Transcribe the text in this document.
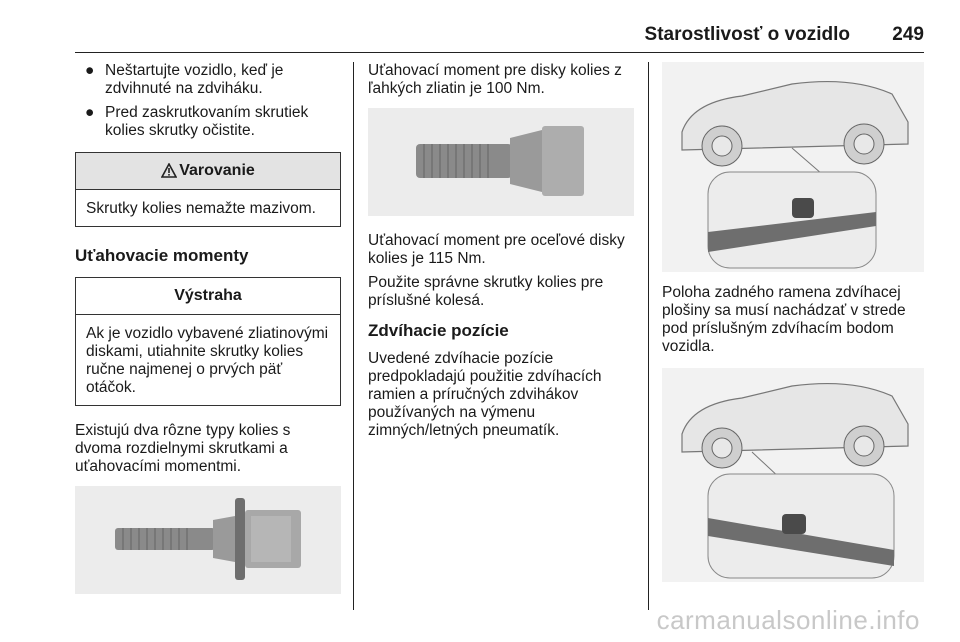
Starostlivosť o vozidlo 249
● Neštartujte vozidlo, keď je zdvihnuté na zdviháku.
● Pred zaskrutkovaním skrutiek kolies skrutky očistite.
Varovanie
Skrutky kolies nemažte mazivom.
Uťahovacie momenty
Výstraha
Ak je vozidlo vybavené zliatinovými diskami, utiahnite skrutky kolies ručne najmenej o prvých päť otáčok.

Existujú dva rôzne typy kolies s dvoma rozdielnymi skrutkami a uťahovacími momentmi.

Uťahovací moment pre disky kolies z ľahkých zliatin je 100 Nm.

Uťahovací moment pre oceľové disky kolies je 115 Nm.

Použite správne skrutky kolies pre príslušné kolesá.

Zdvíhacie pozície

Uvedené zdvíhacie pozície predpokladajú použitie zdvíhacích ramien a príručných zdvihákov používaných na výmenu zimných/letných pneumatík.

Poloha zadného ramena zdvíhacej plošiny sa musí nachádzať v strede pod príslušným zdvíhacím bodom vozidla.

carmanualsonline.info
